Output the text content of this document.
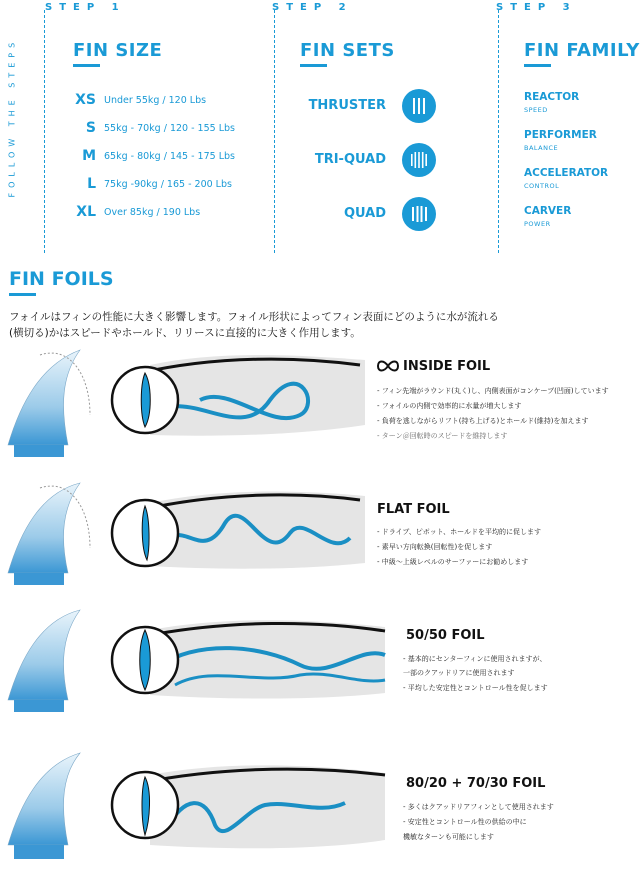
STEP 1	STEP 2	STEP 3
FOLLOW THE STEPS	FIN SIZE
XS Under 55kg / 120 Lbs
S 55kg - 70kg / 120 - 155 Lbs
M 65kg - 80kg / 145 - 175 Lbs
L 75kg -90kg / 165 - 200 Lbs
XL Over 85kg / 190 Lbs
FIN SETS
THRUSTER
TRI-QUAD
QUAD
FIN FAMILY
REACTOR
SPEED
PERFORMER
BALANCE
ACCELERATOR
CONTROL
CARVER
POWER
FIN FOILS
フォイルはフィンの性能に大きく影響します。フォイル形状によってフィン表面にどのように水が流れる
(横切る)かはスピードやホールド、リリースに直接的に大きく作用します。
INSIDE FOIL
- フィン先端がラウンド(丸く)し、内側表面がコンケーブ(凹面)しています
- フォイルの内側で効率的に水量が増大します
- 負荷を逃しながらリフト(持ち上げる)とホールド(維持)を加えます
- ターン＠回転時のスピードを維持します
FLAT FOIL
- ドライブ、ピボット、ホールドを平均的に促します
- 素早い方向転換(回転性)を促します
- 中級～上級レベルのサーファーにお勧めします
50/50 FOIL
- 基本的にセンターフィンに使用されますが、
一部のクアッドリアに使用されます
- 平均した安定性とコントロール性を促します
80/20 + 70/30 FOIL
- 多くはクアッドリアフィンとして使用されます
- 安定性とコントロール性の供給の中に
機敏なターンも可能にします
